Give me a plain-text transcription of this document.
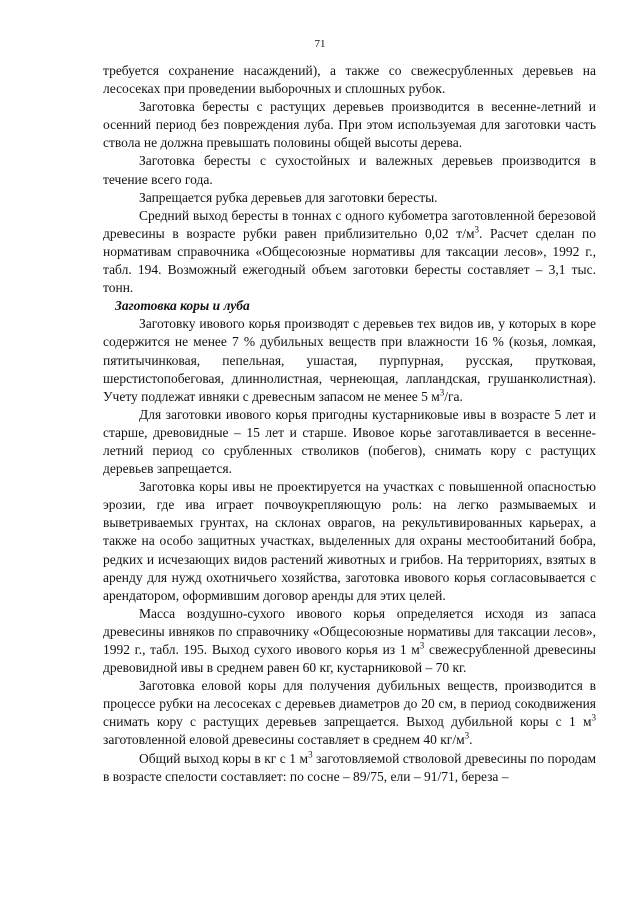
71

требуется сохранение насаждений), а также со свежесрубленных деревьев на лесосеках при проведении выборочных и сплошных рубок.

Заготовка бересты с растущих деревьев производится в весенне-летний и осенний период без повреждения луба. При этом используемая для заготовки часть ствола не должна превышать половины общей высоты дерева.

Заготовка бересты с сухостойных и валежных деревьев производится в течение всего года.

Запрещается рубка деревьев для заготовки бересты.

Средний выход бересты в тоннах с одного кубометра заготовленной березовой древесины в возрасте рубки равен приблизительно 0,02 $т/м^3$. Расчет сделан по нормативам справочника «Общесоюзные нормативы для таксации лесов», 1992 г., табл. 194. Возможный ежегодный объем заготовки бересты составляет – 3,1 тыс. тонн.

Заготовка коры и луба

Заготовку ивового корья производят с деревьев тех видов ив, у которых в коре содержится не менее 7 % дубильных веществ при влажности 16 % (козья, ломкая, пятитычинковая, пепельная, ушастая, пурпурная, русская, прутковая, шерстистопобеговая, длиннолистная, чернеющая, лапландская, грушанколистная). Учету подлежат ивняки с древесным запасом не менее 5 $м^3/га$.

Для заготовки ивового корья пригодны кустарниковые ивы в возрасте 5 лет и старше, древовидные – 15 лет и старше. Ивовое корье заготавливается в весенне-летний период со срубленных стволиков (побегов), снимать кору с растущих деревьев запрещается.

Заготовка коры ивы не проектируется на участках с повышенной опасностью эрозии, где ива играет почвоукрепляющую роль: на легко размываемых и выветриваемых грунтах, на склонах оврагов, на рекультивированных карьерах, а также на особо защитных участках, выделенных для охраны местообитаний бобра, редких и исчезающих видов растений животных и грибов. На территориях, взятых в аренду для нужд охотничьего хозяйства, заготовка ивового корья согласовывается с арендатором, оформившим договор аренды для этих целей.

Масса воздушно-сухого ивового корья определяется исходя из запаса древесины ивняков по справочнику «Общесоюзные нормативы для таксации лесов», 1992 г., табл. 195. Выход сухого ивового корья из 1 $м^3$ свежесрубленной древесины древовидной ивы в среднем равен 60 кг, кустарниковой – 70 кг.

Заготовка еловой коры для получения дубильных веществ, производится в процессе рубки на лесосеках с деревьев диаметров до 20 см, в период сокодвижения снимать кору с растущих деревьев запрещается. Выход дубильной коры с 1 $м^3$ заготовленной еловой древесины составляет в среднем 40 $кг/м^3$.

Общий выход коры в кг с 1 $м^3$ заготовляемой стволовой древесины по породам в возрасте спелости составляет: по сосне – 89/75, ели – 91/71, береза –
